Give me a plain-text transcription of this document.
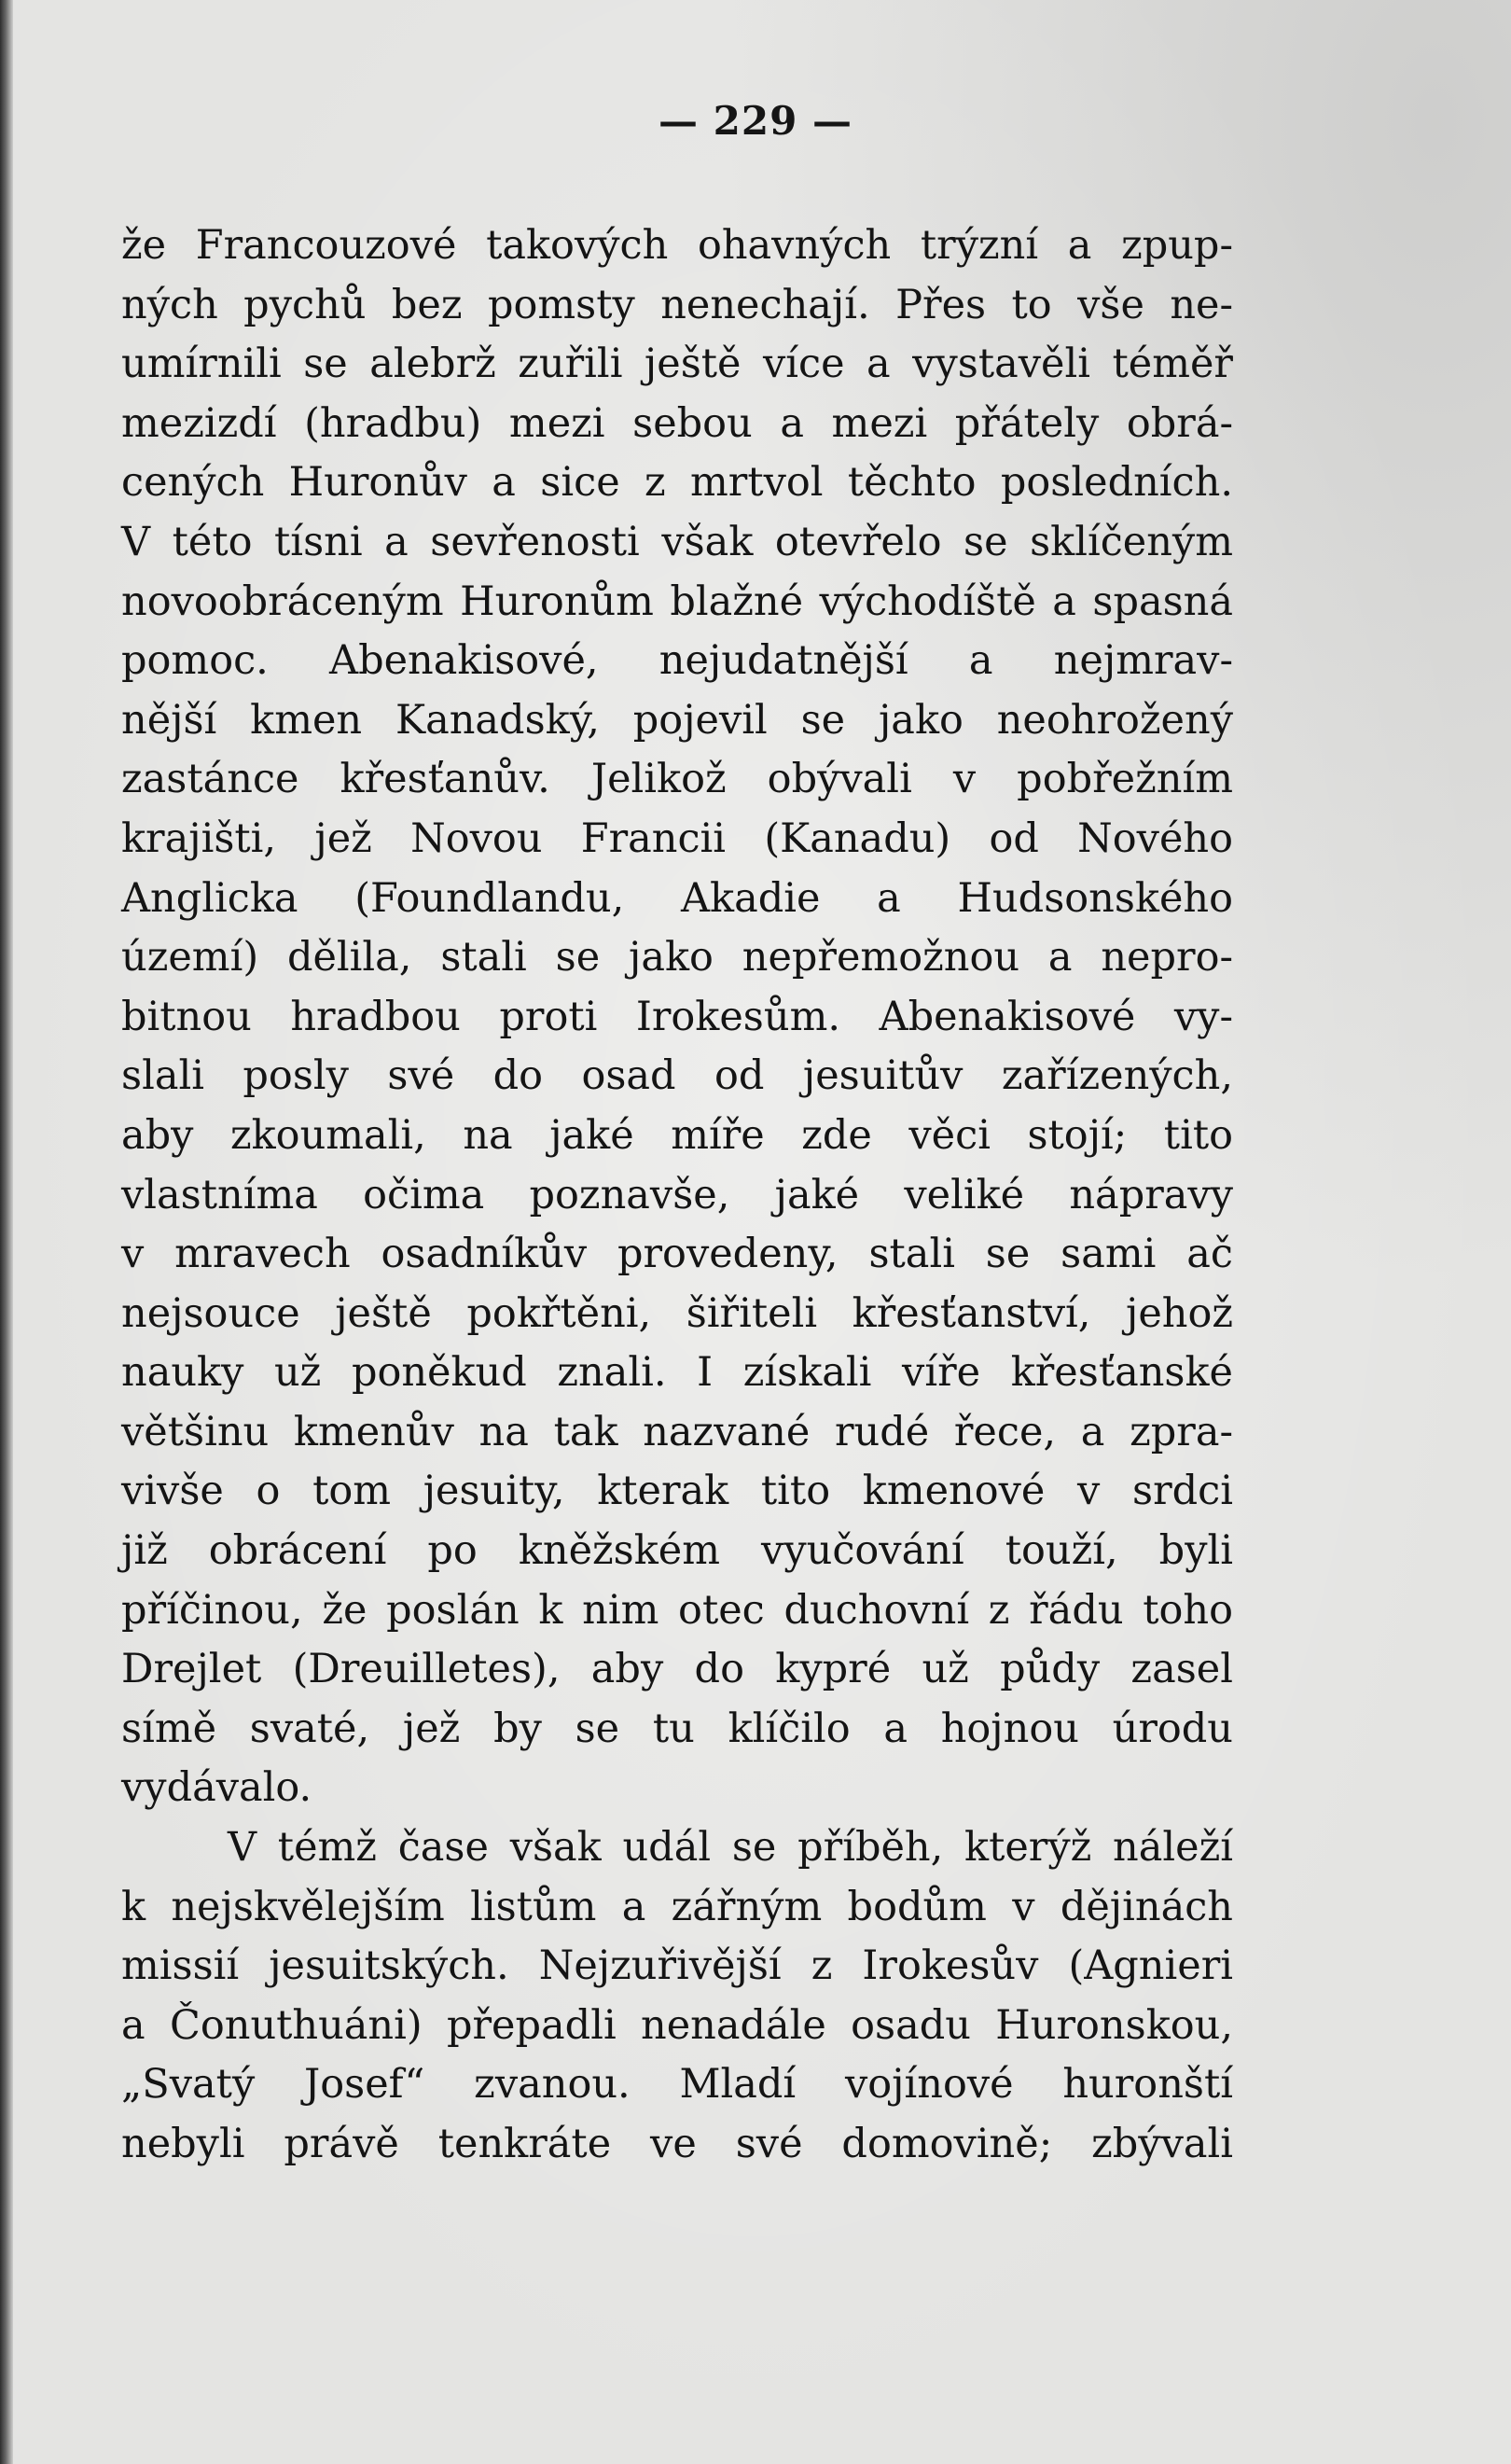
— 229 —
že Francouzové takových ohavných trýzní a zpup-
ných pychů bez pomsty nenechají. Přes to vše ne-
umírnili se alebrž zuřili ještě více a vystavěli téměř
mezizdí (hradbu) mezi sebou a mezi přátely obrá-
cených Huronův a sice z mrtvol těchto posledních.
V této tísni a sevřenosti však otevřelo se sklíčeným
novoobráceným Huronům blažné východíště a spasná
pomoc. Abenakisové, nejudatnější a nejmrav-
nější kmen Kanadský, pojevil se jako neohrožený
zastánce křesťanův. Jelikož obývali v pobřežním
krajišti, jež Novou Francii (Kanadu) od Nového
Anglicka (Foundlandu, Akadie a Hudsonského
území) dělila, stali se jako nepřemožnou a nepro-
bitnou hradbou proti Irokesům. Abenakisové vy-
slali posly své do osad od jesuitův zařízených,
aby zkoumali, na jaké míře zde věci stojí; tito
vlastníma očima poznavše, jaké veliké nápravy
v mravech osadníkův provedeny, stali se sami ač
nejsouce ještě pokřtěni, šiřiteli křesťanství, jehož
nauky už poněkud znali. I získali víře křesťanské
většinu kmenův na tak nazvané rudé řece, a zpra-
vivše o tom jesuity, kterak tito kmenové v srdci
již obrácení po kněžském vyučování touží, byli
příčinou, že poslán k nim otec duchovní z řádu toho
Drejlet (Dreuilletes), aby do kypré už půdy zasel
símě svaté, jež by se tu klíčilo a hojnou úrodu
vydávalo.
V témž čase však udál se příběh, kterýž náleží
k nejskvělejším listům a zářným bodům v dějinách
missií jesuitských. Nejzuřivější z Irokesův (Agnieri
a Čonuthuáni) přepadli nenadále osadu Huronskou,
„Svatý Josef“ zvanou. Mladí vojínové huronští
nebyli právě tenkráte ve své domovině; zbývali
